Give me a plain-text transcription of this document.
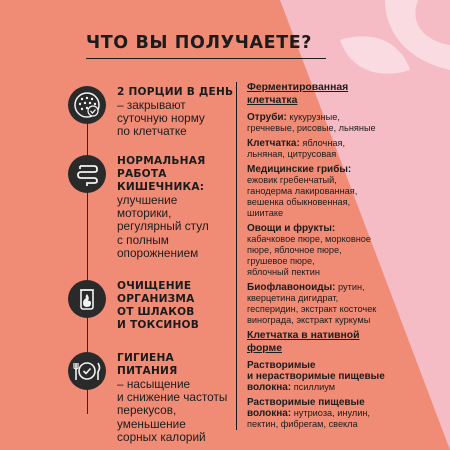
ЧТО ВЫ ПОЛУЧАЕТЕ?
2 ПОРЦИИ В ДЕНЬ
– закрывают
суточную норму
по клетчатке
НОРМАЛЬНАЯ
РАБОТА
КИШЕЧНИКА:
улучшение
моторики,
регулярный стул
с полным
опорожнением
ОЧИЩЕНИЕ
ОРГАНИЗМА
ОТ ШЛАКОВ
И ТОКСИНОВ
ГИГИЕНА ПИТАНИЯ
– насыщение
и снижение частоты
перекусов,
уменьшение
сорных калорий
Ферментированная
клетчатка
Отруби: кукурузные,
гречневые, рисовые, льняные
Клетчатка: яблочная,
льняная, цитрусовая
Медицинские грибы:
ежовик гребенчатый,
ганодерма лакированная,
вешенка обыкновенная,
шиитаке
Овощи и фрукты:
кабачковое пюре, морковное
пюре, яблочное пюре,
грушевое пюре,
яблочный пектин
Биофлавоноиды: рутин,
кверцетина дигидрат,
гесперидин, экстракт косточек
винограда, экстракт куркумы
Клетчатка в нативной
форме
Растворимые
и нерастворимые пищевые
волокна: псиллиум
Растворимые пищевые
волокна: нутриоза, инулин,
пектин, фибрегам, свекла
